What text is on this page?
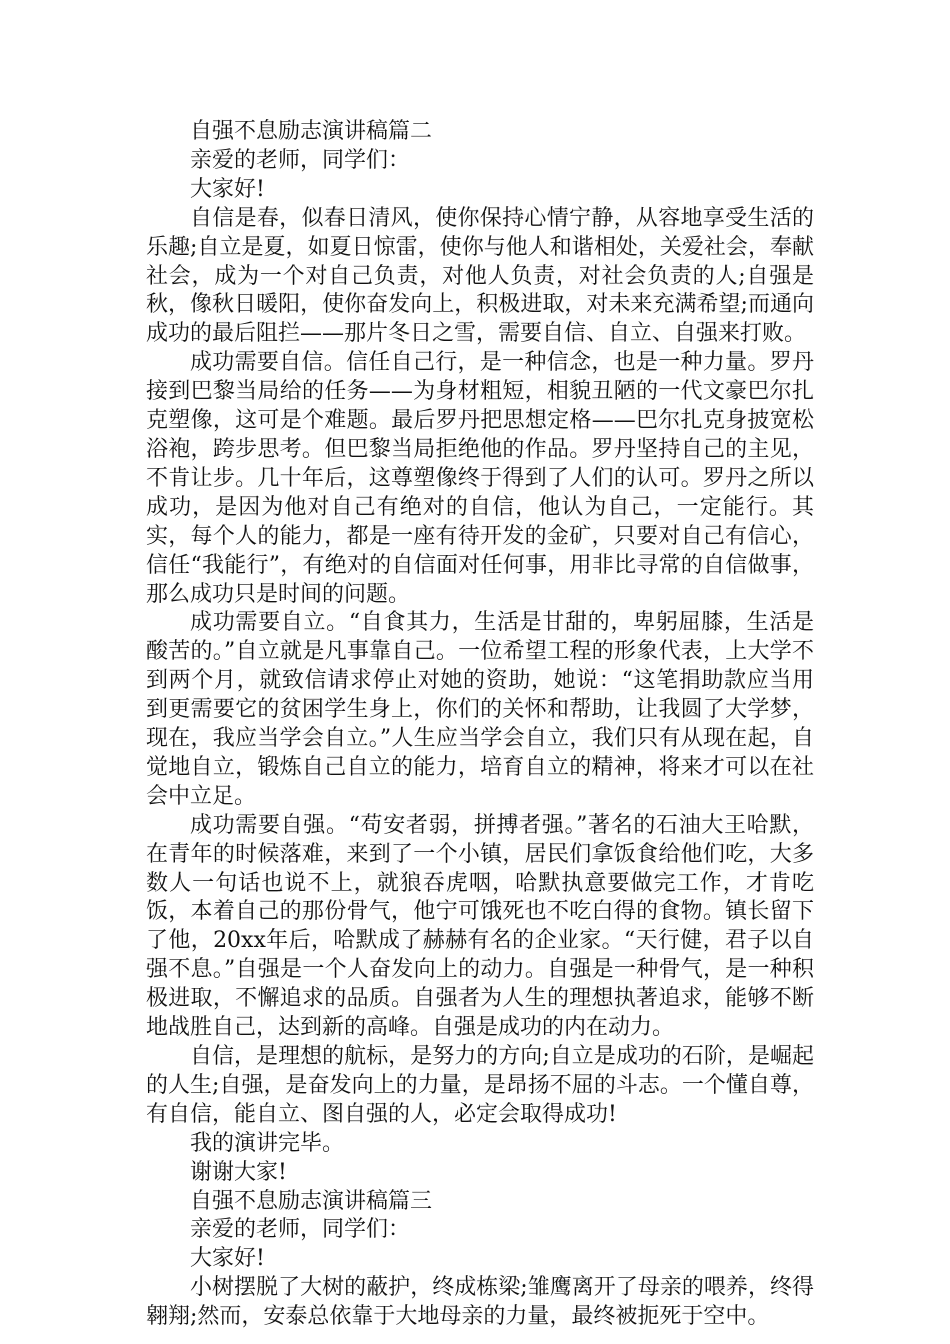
自强不息励志演讲稿篇二

亲爱的老师，同学们：

大家好!

自信是春，似春日清风，使你保持心情宁静，从容地享受生活的乐趣;自立是夏，如夏日惊雷，使你与他人和谐相处，关爱社会，奉献社会，成为一个对自己负责，对他人负责，对社会负责的人;自强是秋，像秋日暖阳，使你奋发向上，积极进取，对未来充满希望;而通向成功的最后阻拦——那片冬日之雪，需要自信、自立、自强来打败。

成功需要自信。信任自己行，是一种信念，也是一种力量。罗丹接到巴黎当局给的任务——为身材粗短，相貌丑陋的一代文豪巴尔扎克塑像，这可是个难题。最后罗丹把思想定格——巴尔扎克身披宽松浴袍，跨步思考。但巴黎当局拒绝他的作品。罗丹坚持自己的主见，不肯让步。几十年后，这尊塑像终于得到了人们的认可。罗丹之所以成功，是因为他对自己有绝对的自信，他认为自己，一定能行。其实，每个人的能力，都是一座有待开发的金矿，只要对自己有信心，信任“我能行”，有绝对的自信面对任何事，用非比寻常的自信做事，那么成功只是时间的问题。

成功需要自立。“自食其力，生活是甘甜的，卑躬屈膝，生活是酸苦的。”自立就是凡事靠自己。一位希望工程的形象代表，上大学不到两个月，就致信请求停止对她的资助，她说：“这笔捐助款应当用到更需要它的贫困学生身上，你们的关怀和帮助，让我圆了大学梦，现在，我应当学会自立。”人生应当学会自立，我们只有从现在起，自觉地自立，锻炼自己自立的能力，培育自立的精神，将来才可以在社会中立足。

成功需要自强。“苟安者弱，拼搏者强。”著名的石油大王哈默，在青年的时候落难，来到了一个小镇，居民们拿饭食给他们吃，大多数人一句话也说不上，就狼吞虎咽，哈默执意要做完工作，才肯吃饭，本着自己的那份骨气，他宁可饿死也不吃白得的食物。镇长留下了他，20xx年后，哈默成了赫赫有名的企业家。“天行健，君子以自强不息。”自强是一个人奋发向上的动力。自强是一种骨气，是一种积极进取，不懈追求的品质。自强者为人生的理想执著追求，能够不断地战胜自己，达到新的高峰。自强是成功的内在动力。

自信，是理想的航标，是努力的方向;自立是成功的石阶，是崛起的人生;自强，是奋发向上的力量，是昂扬不屈的斗志。一个懂自尊，有自信，能自立、图自强的人，必定会取得成功!

我的演讲完毕。

谢谢大家!

自强不息励志演讲稿篇三

亲爱的老师，同学们：

大家好!

小树摆脱了大树的蔽护，终成栋梁;雏鹰离开了母亲的喂养，终得翱翔;然而，安泰总依靠于大地母亲的力量，最终被扼死于空中。
